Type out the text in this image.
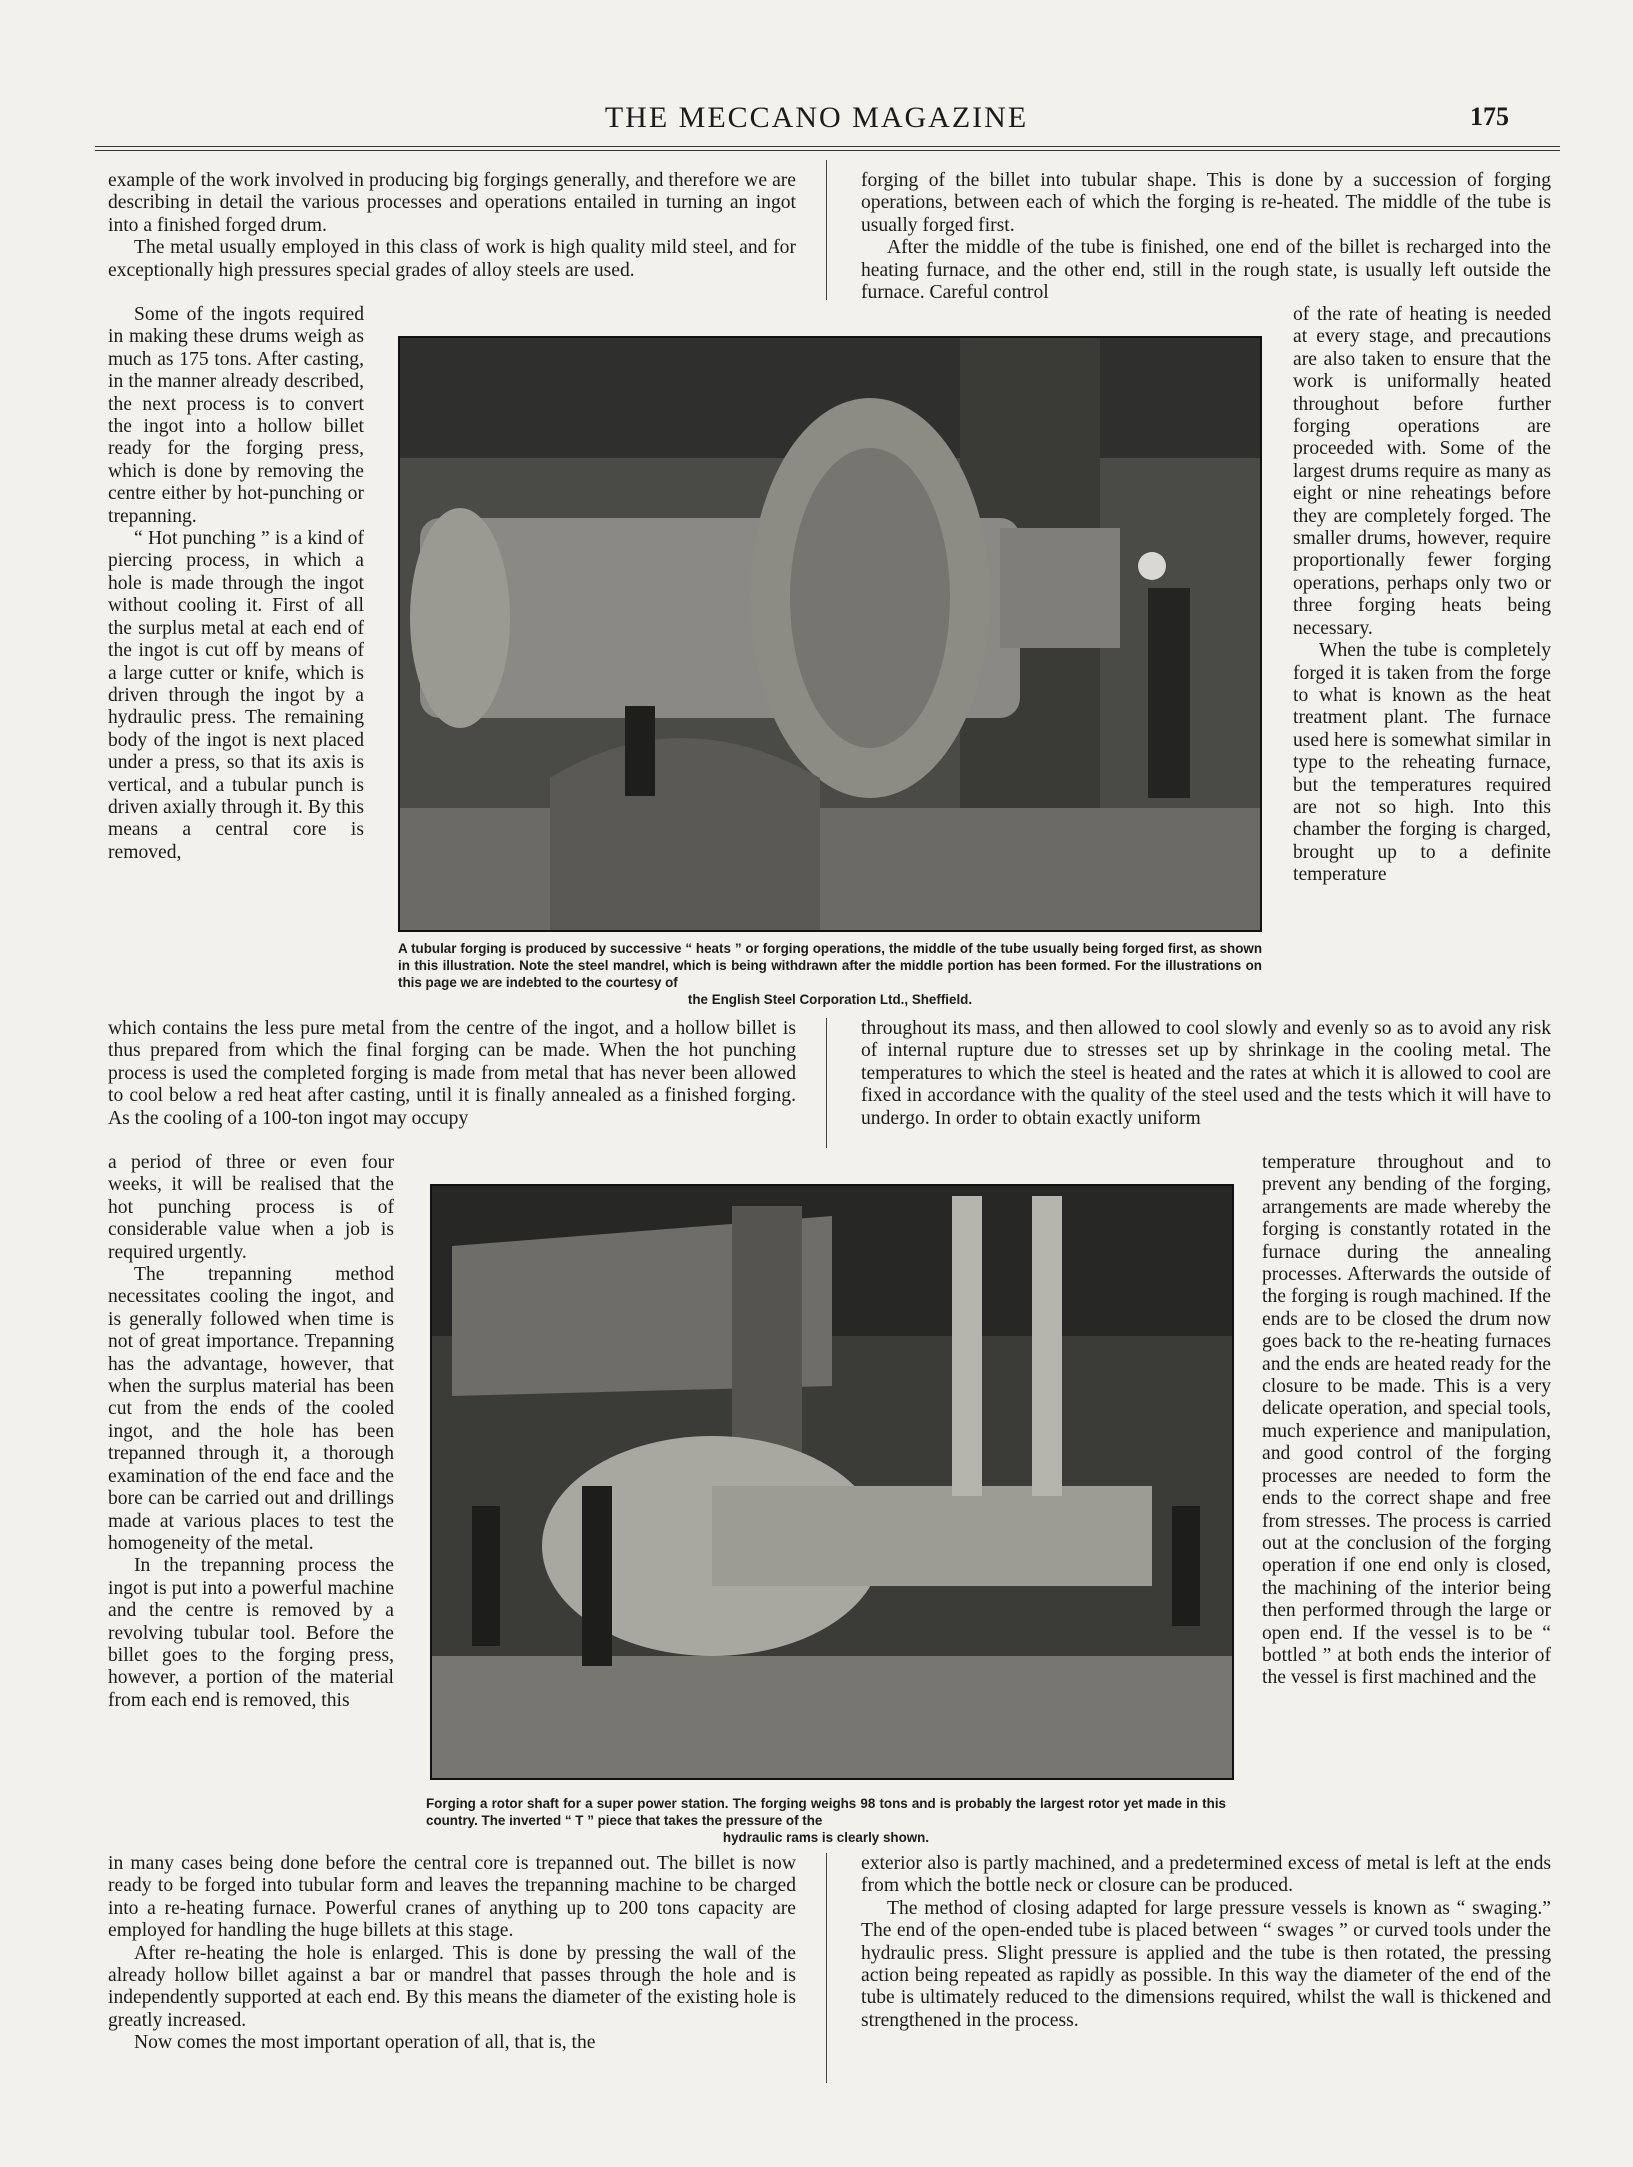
THE MECCANO MAGAZINE	175

example of the work involved in producing big forgings generally, and therefore we are describing in detail the various processes and operations entailed in turning an ingot into a finished forged drum.

The metal usually employed in this class of work is high quality mild steel, and for exceptionally high pressures special grades of alloy steels are used.

Some of the ingots required in making these drums weigh as much as 175 tons. After casting, in the manner already described, the next process is to convert the ingot into a hollow billet ready for the forging press, which is done by removing the centre either by hot-punching or trepanning.

“ Hot punching ” is a kind of piercing process, in which a hole is made through the ingot without cooling it. First of all the surplus metal at each end of the ingot is cut off by means of a large cutter or knife, which is driven through the ingot by a hydraulic press. The remaining body of the ingot is next placed under a press, so that its axis is vertical, and a tubular punch is driven axially through it. By this means a central core is removed,

which contains the less pure metal from the centre of the ingot, and a hollow billet is thus prepared from which the final forging can be made. When the hot punching process is used the completed forging is made from metal that has never been allowed to cool below a red heat after casting, until it is finally annealed as a finished forging. As the cooling of a 100-ton ingot may occupy

a period of three or even four weeks, it will be realised that the hot punching process is of considerable value when a job is required urgently.

The trepanning method necessitates cooling the ingot, and is generally followed when time is not of great importance. Trepanning has the advantage, however, that when the surplus material has been cut from the ends of the cooled ingot, and the hole has been trepanned through it, a thorough examination of the end face and the bore can be carried out and drillings made at various places to test the homogeneity of the metal.

In the trepanning process the ingot is put into a powerful machine and the centre is removed by a revolving tubular tool. Before the billet goes to the forging press, however, a portion of the material from each end is removed, this

in many cases being done before the central core is trepanned out. The billet is now ready to be forged into tubular form and leaves the trepanning machine to be charged into a re-heating furnace. Powerful cranes of anything up to 200 tons capacity are employed for handling the huge billets at this stage.

After re-heating the hole is enlarged. This is done by pressing the wall of the already hollow billet against a bar or mandrel that passes through the hole and is independently supported at each end. By this means the diameter of the existing hole is greatly increased.

Now comes the most important operation of all, that is, the

forging of the billet into tubular shape. This is done by a succession of forging operations, between each of which the forging is re-heated. The middle of the tube is usually forged first.

After the middle of the tube is finished, one end of the billet is recharged into the heating furnace, and the other end, still in the rough state, is usually left outside the furnace. Careful control

of the rate of heating is needed at every stage, and precautions are also taken to ensure that the work is uniformally heated throughout before further forging operations are proceeded with. Some of the largest drums require as many as eight or nine reheatings before they are completely forged. The smaller drums, however, require proportionally fewer forging operations, perhaps only two or three forging heats being necessary.

When the tube is completely forged it is taken from the forge to what is known as the heat treatment plant. The furnace used here is somewhat similar in type to the reheating furnace, but the temperatures required are not so high. Into this chamber the forging is charged, brought up to a definite temperature

throughout its mass, and then allowed to cool slowly and evenly so as to avoid any risk of internal rupture due to stresses set up by shrinkage in the cooling metal. The temperatures to which the steel is heated and the rates at which it is allowed to cool are fixed in accordance with the quality of the steel used and the tests which it will have to undergo. In order to obtain exactly uniform

temperature throughout and to prevent any bending of the forging, arrangements are made whereby the forging is constantly rotated in the furnace during the annealing processes. Afterwards the outside of the forging is rough machined. If the ends are to be closed the drum now goes back to the re-heating furnaces and the ends are heated ready for the closure to be made. This is a very delicate operation, and special tools, much experience and manipulation, and good control of the forging processes are needed to form the ends to the correct shape and free from stresses. The process is carried out at the conclusion of the forging operation if one end only is closed, the machining of the interior being then performed through the large or open end. If the vessel is to be “ bottled ” at both ends the interior of the vessel is first machined and the

exterior also is partly machined, and a predetermined excess of metal is left at the ends from which the bottle neck or closure can be produced.

The method of closing adapted for large pressure vessels is known as “ swaging.” The end of the open-ended tube is placed between “ swages ” or curved tools under the hydraulic press. Slight pressure is applied and the tube is then rotated, the pressing action being repeated as rapidly as possible. In this way the diameter of the end of the tube is ultimately reduced to the dimensions required, whilst the wall is thickened and strengthened in the process.

A tubular forging is produced by successive “ heats ” or forging operations, the middle of the tube usually being forged first, as shown in this illustration. Note the steel mandrel, which is being withdrawn after the middle portion has been formed. For the illustrations on this page we are indebted to the courtesy of
the English Steel Corporation Ltd., Sheffield.
Forging a rotor shaft for a super power station. The forging weighs 98 tons and is probably the largest rotor yet made in this country. The inverted “ T ” piece that takes the pressure of the
hydraulic rams is clearly shown.
